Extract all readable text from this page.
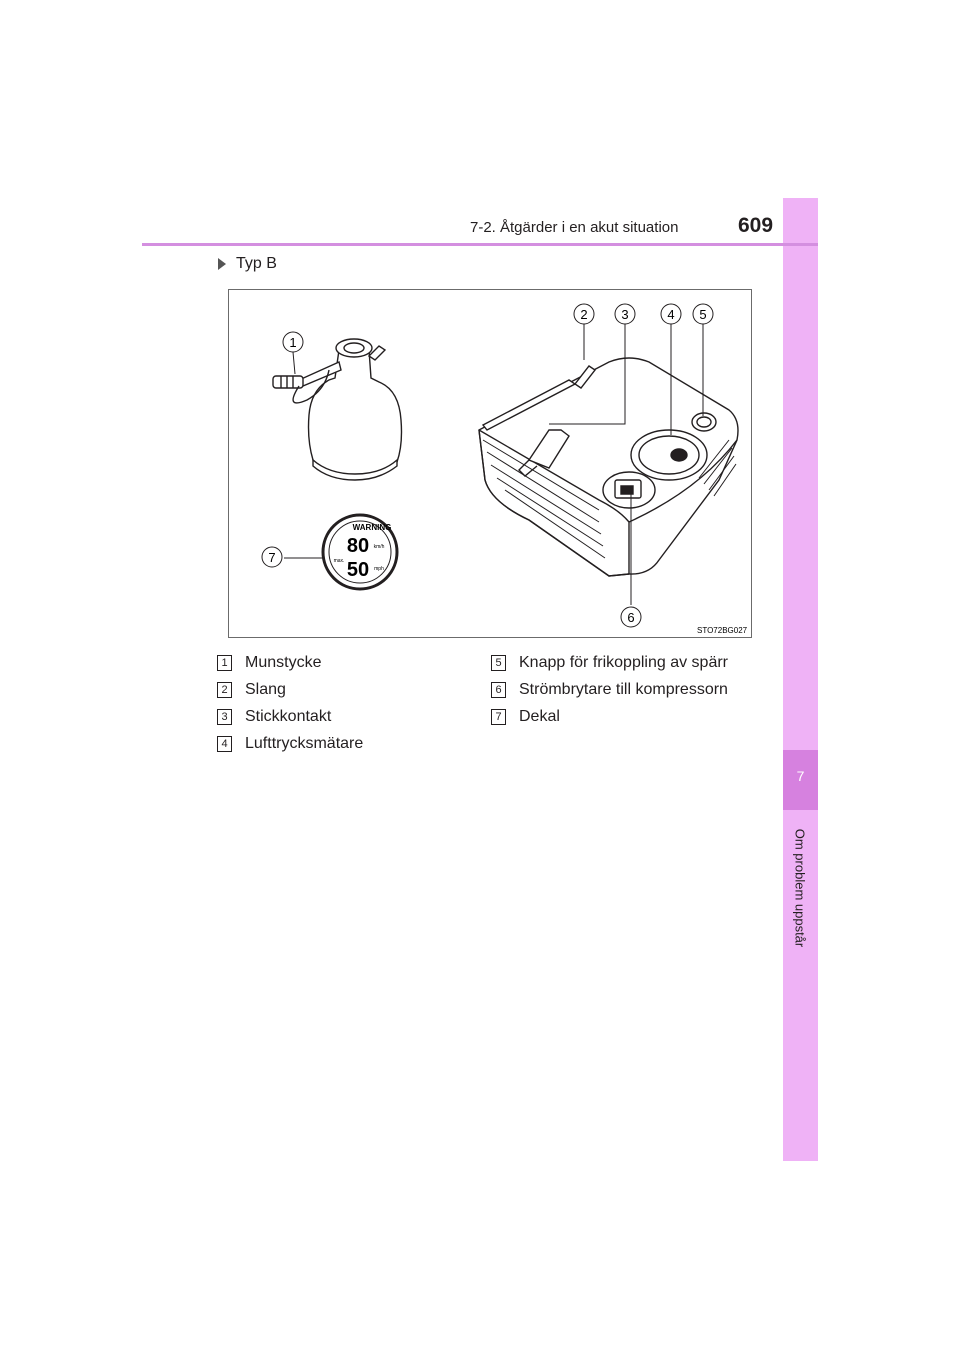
7
Om problem uppstår
7-2. Åtgärder i en akut situation	609
Typ B
1
WARNING
80
50
max.
km/h
mph
2	3	4 5
6
7
STO72BG027
1 Munstycke
2 Slang
3 Stickkontakt
4 Lufttrycksmätare
5 Knapp för frikoppling av spärr
6 Strömbrytare till kompressorn
7 Dekal
